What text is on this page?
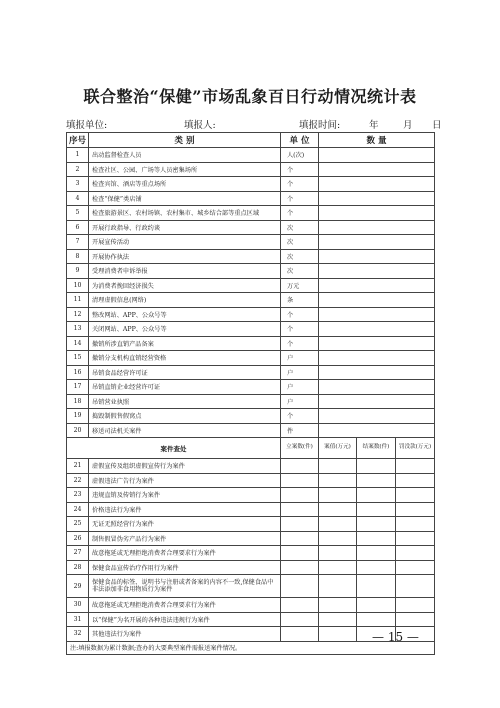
联合整治“保健”市场乱象百日行动情况统计表
填报单位:	填报人:	填报时间:	年	月 日
序号	类 别	单 位	数 量		
1	出动监督检查人员	人(次)			
2	检查社区、公园、广场等人员密集场所	个			
3	检查宾馆、酒店等重点场所	个			
4	检查“保健”类店铺	个			
5	检查旅游景区、农村场镇、农村集市、城乡结合部等重点区域	个			
6	开展行政指导、行政约谈	次			
7	开展宣传活动	次			
8	开展协作执法	次			
9	受理消费者申诉举报	次			
10	为消费者挽回经济损失	万元			
11	清理虚假信息(网络)	条			
12	整改网站、APP、公众号等	个			
13	关闭网站、APP、公众号等	个			
14	撤销所涉直销产品备案	个			
15	撤销分支机构直销经营资格	户			
16	吊销食品经营许可证	户			
17	吊销直销企业经营许可证	户			
18	吊销营业执照	户			
19	捣毁制假售假窝点	个			
20	移送司法机关案件	件			
案件查处		立案数(件)	案值(万元)	结案数(件)	罚没款(万元)
21	虚假宣传及组织虚假宣传行为案件				
22	虚假违法广告行为案件				
23	违规直销及传销行为案件				
24	价格违法行为案件				
25	无证无照经营行为案件				
26	制售假冒伪劣产品行为案件				
27	故意拖延或无理拒绝消费者合理要求行为案件				
28	保健食品宣传治疗作用行为案件				
29	保健食品的标签、说明书与注册或者备案的内容不一致,保健食品中非法添加非食用物质行为案件				
30	故意拖延或无理拒绝消费者合理要求行为案件				
31	以“保健”为名开展的各种违法违规行为案件				
32	其他违法行为案件				
注:填报数据为累计数据;查办的大要典型案件需报送案件情况。					
— 15 —
